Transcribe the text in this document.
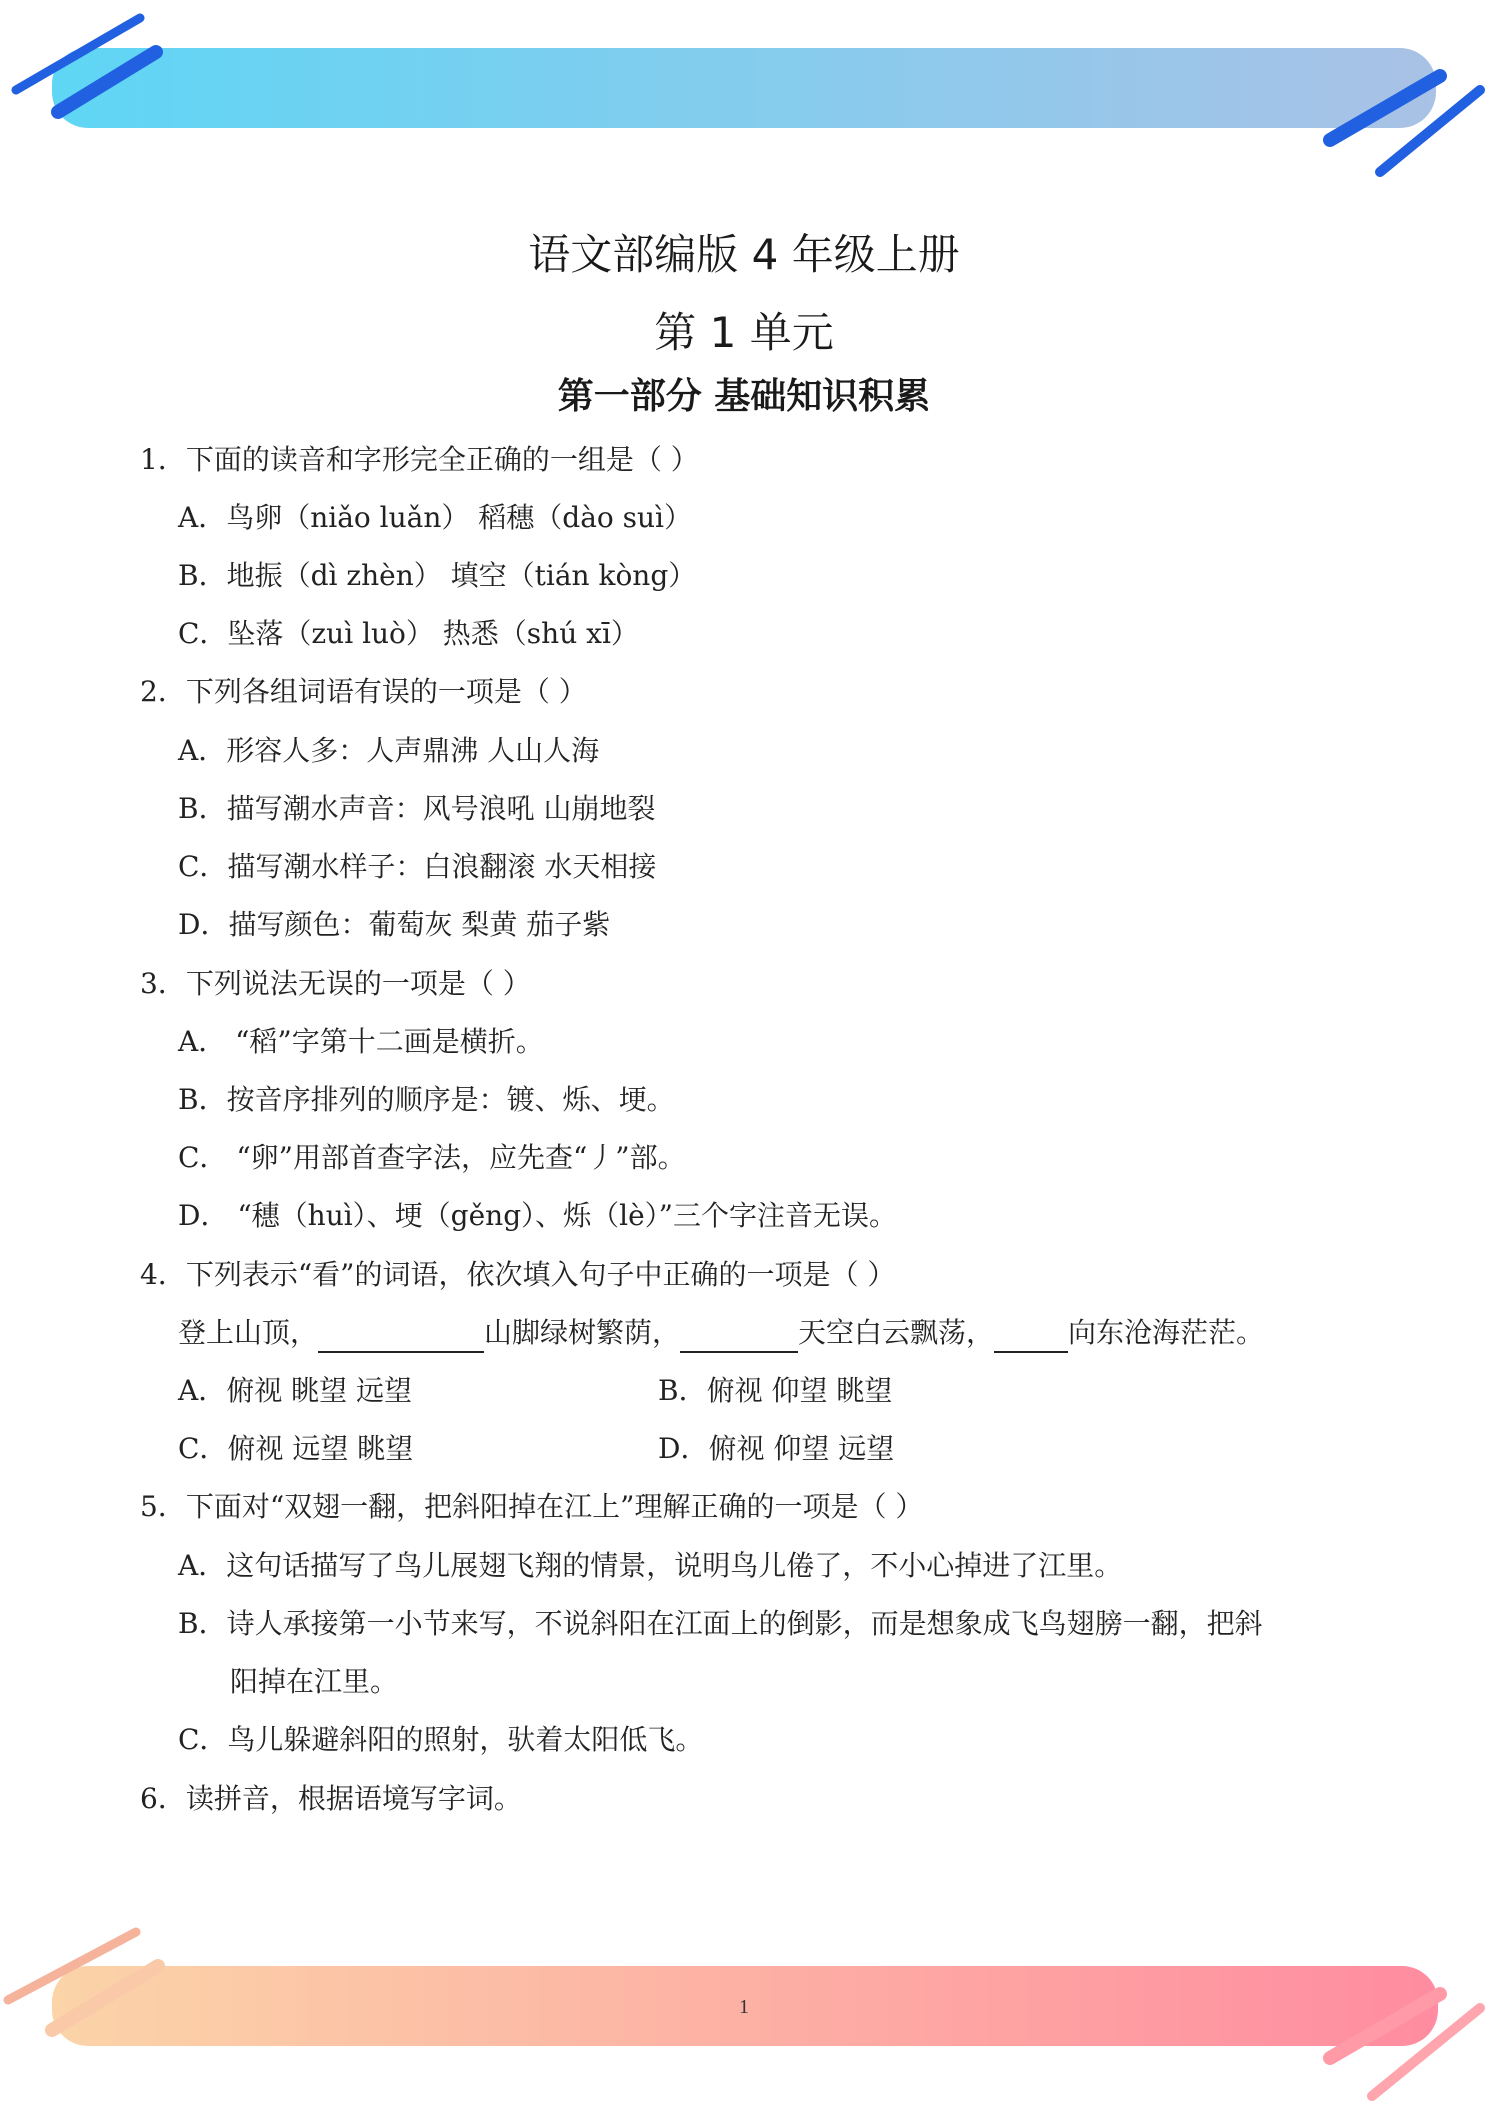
语文部编版 4 年级上册
第 1 单元
第一部分 基础知识积累
1．下面的读音和字形完全正确的一组是（ ）
A．鸟卵（niǎo luǎn） 稻穗（dào suì）
B．地振（dì zhèn） 填空（tián kòng）
C．坠落（zuì luò） 热悉（shú xī）
2．下列各组词语有误的一项是（ ）
A．形容人多：人声鼎沸 人山人海
B．描写潮水声音：风号浪吼 山崩地裂
C．描写潮水样子：白浪翻滚 水天相接
D．描写颜色：葡萄灰 梨黄 茄子紫
3．下列说法无误的一项是（ ）
A． “稻”字第十二画是横折。
B．按音序排列的顺序是：镀、烁、埂。
C． “卵”用部首查字法，应先查“丿”部。
D． “穗（huì）、埂（gěng）、烁（lè）”三个字注音无误。
4．下列表示“看”的词语，依次填入句子中正确的一项是（ ）
登上山顶，	山脚绿树繁荫，	天空白云飘荡，	向东沧海茫茫。
A．俯视 眺望 远望	B．俯视 仰望 眺望
C．俯视 远望 眺望	D．俯视 仰望 远望
5．下面对“双翅一翻，把斜阳掉在江上”理解正确的一项是（ ）
A．这句话描写了鸟儿展翅飞翔的情景，说明鸟儿倦了，不小心掉进了江里。
B．诗人承接第一小节来写，不说斜阳在江面上的倒影，而是想象成飞鸟翅膀一翻，把斜
阳掉在江里。
C．鸟儿躲避斜阳的照射，驮着太阳低飞。
6．读拼音，根据语境写字词。
1
